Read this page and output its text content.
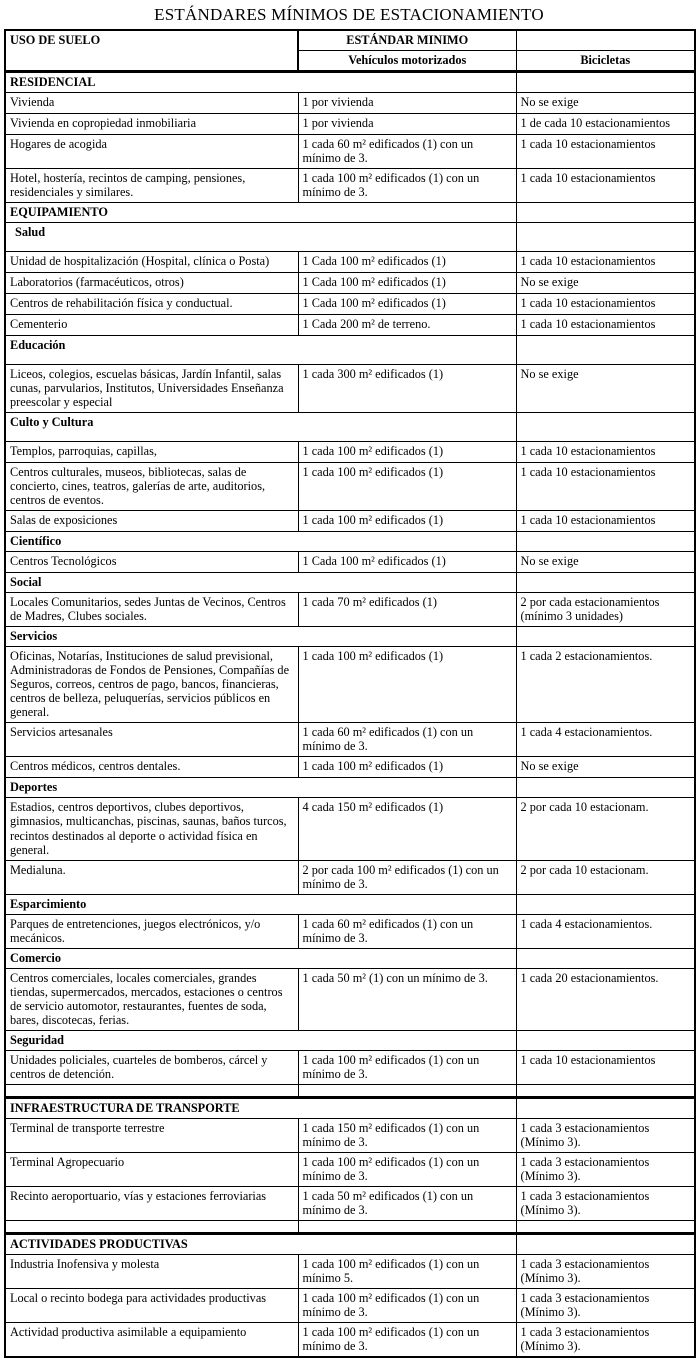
ESTÁNDARES MÍNIMOS DE ESTACIONAMIENTO
USO DE SUELO	ESTÁNDAR MINIMO	
	Vehículos motorizados	Bicicletas
RESIDENCIAL		
Vivienda	1 por vivienda	No se exige
Vivienda en copropiedad inmobiliaria	1 por vivienda	1 de cada 10 estacionamientos
Hogares de acogida	1 cada 60 m² edificados (1) con un mínimo de 3.	1 cada 10 estacionamientos
Hotel, hostería, recintos de camping, pensiones, residenciales y similares.	1 cada 100 m² edificados (1) con un mínimo de 3.	1 cada 10 estacionamientos
EQUIPAMIENTO		
Salud		
Unidad de hospitalización (Hospital, clínica o Posta)	1 Cada 100 m² edificados (1)	1 cada 10 estacionamientos
Laboratorios (farmacéuticos, otros)	1 Cada 100 m² edificados (1)	No se exige
Centros de rehabilitación física y conductual.	1 Cada 100 m² edificados (1)	1 cada 10 estacionamientos
Cementerio	1 Cada 200 m² de terreno.	1 cada 10 estacionamientos
Educación		
Liceos, colegios, escuelas básicas, Jardín Infantil, salas cunas, parvularios, Institutos, Universidades Enseñanza preescolar y especial	1 cada 300 m² edificados (1)	No se exige
Culto y Cultura		
Templos, parroquias, capillas,	1 cada 100 m² edificados (1)	1 cada 10 estacionamientos
Centros culturales, museos, bibliotecas, salas de concierto, cines, teatros, galerías de arte, auditorios, centros de eventos.	1 cada 100 m² edificados (1)	1 cada 10 estacionamientos
Salas de exposiciones	1 cada 100 m² edificados (1)	1 cada 10 estacionamientos
Científico		
Centros Tecnológicos	1 Cada 100 m² edificados (1)	No se exige
Social		
Locales Comunitarios, sedes Juntas de Vecinos, Centros de Madres, Clubes sociales.	1 cada 70 m² edificados (1)	2 por cada estacionamientos (mínimo 3 unidades)
Servicios		
Oficinas, Notarías, Instituciones de salud previsional, Administradoras de Fondos de Pensiones, Compañías de Seguros, correos, centros de pago, bancos, financieras, centros de belleza, peluquerías, servicios públicos en general.	1 cada 100 m² edificados (1)	1 cada 2 estacionamientos.
Servicios artesanales	1 cada 60 m² edificados (1) con un mínimo de 3.	1 cada 4 estacionamientos.
Centros médicos, centros dentales.	1 cada 100 m² edificados (1)	No se exige
Deportes		
Estadios, centros deportivos, clubes deportivos, gimnasios, multicanchas, piscinas, saunas, baños turcos, recintos destinados al deporte o actividad física en general.	4 cada 150 m² edificados (1)	2 por cada 10 estacionam.
Medialuna.	2 por cada 100 m² edificados (1) con un mínimo de 3.	2 por cada 10 estacionam.
Esparcimiento		
Parques de entretenciones, juegos electrónicos, y/o mecánicos.	1 cada 60 m² edificados (1) con un mínimo de 3.	1 cada 4 estacionamientos.
Comercio		
Centros comerciales, locales comerciales, grandes tiendas, supermercados, mercados, estaciones o centros de servicio automotor, restaurantes, fuentes de soda, bares, discotecas, ferias.	1 cada 50 m² (1) con un mínimo de 3.	1 cada 20 estacionamientos.
Seguridad		
Unidades policiales, cuarteles de bomberos, cárcel y centros de detención.	1 cada 100 m² edificados (1) con un mínimo de 3.	1 cada 10 estacionamientos

INFRAESTRUCTURA DE TRANSPORTE		
Terminal de transporte terrestre	1 cada 150 m² edificados (1) con un mínimo de 3.	1 cada 3 estacionamientos (Mínimo 3).
Terminal Agropecuario	1 cada 100 m² edificados (1) con un mínimo de 3.	1 cada 3 estacionamientos (Mínimo 3).
Recinto aeroportuario, vías y estaciones ferroviarias	1 cada 50 m² edificados (1) con un mínimo de 3.	1 cada 3 estacionamientos (Mínimo 3).

ACTIVIDADES PRODUCTIVAS		
Industria Inofensiva y molesta	1 cada 100 m² edificados (1) con un mínimo 5.	1 cada 3 estacionamientos (Mínimo 3).
Local o recinto bodega para actividades productivas	1 cada 100 m² edificados (1) con un mínimo de 3.	1 cada 3 estacionamientos (Mínimo 3).
Actividad productiva asimilable a equipamiento	1 cada 100 m² edificados (1) con un mínimo de 3.	1 cada 3 estacionamientos (Mínimo 3).
